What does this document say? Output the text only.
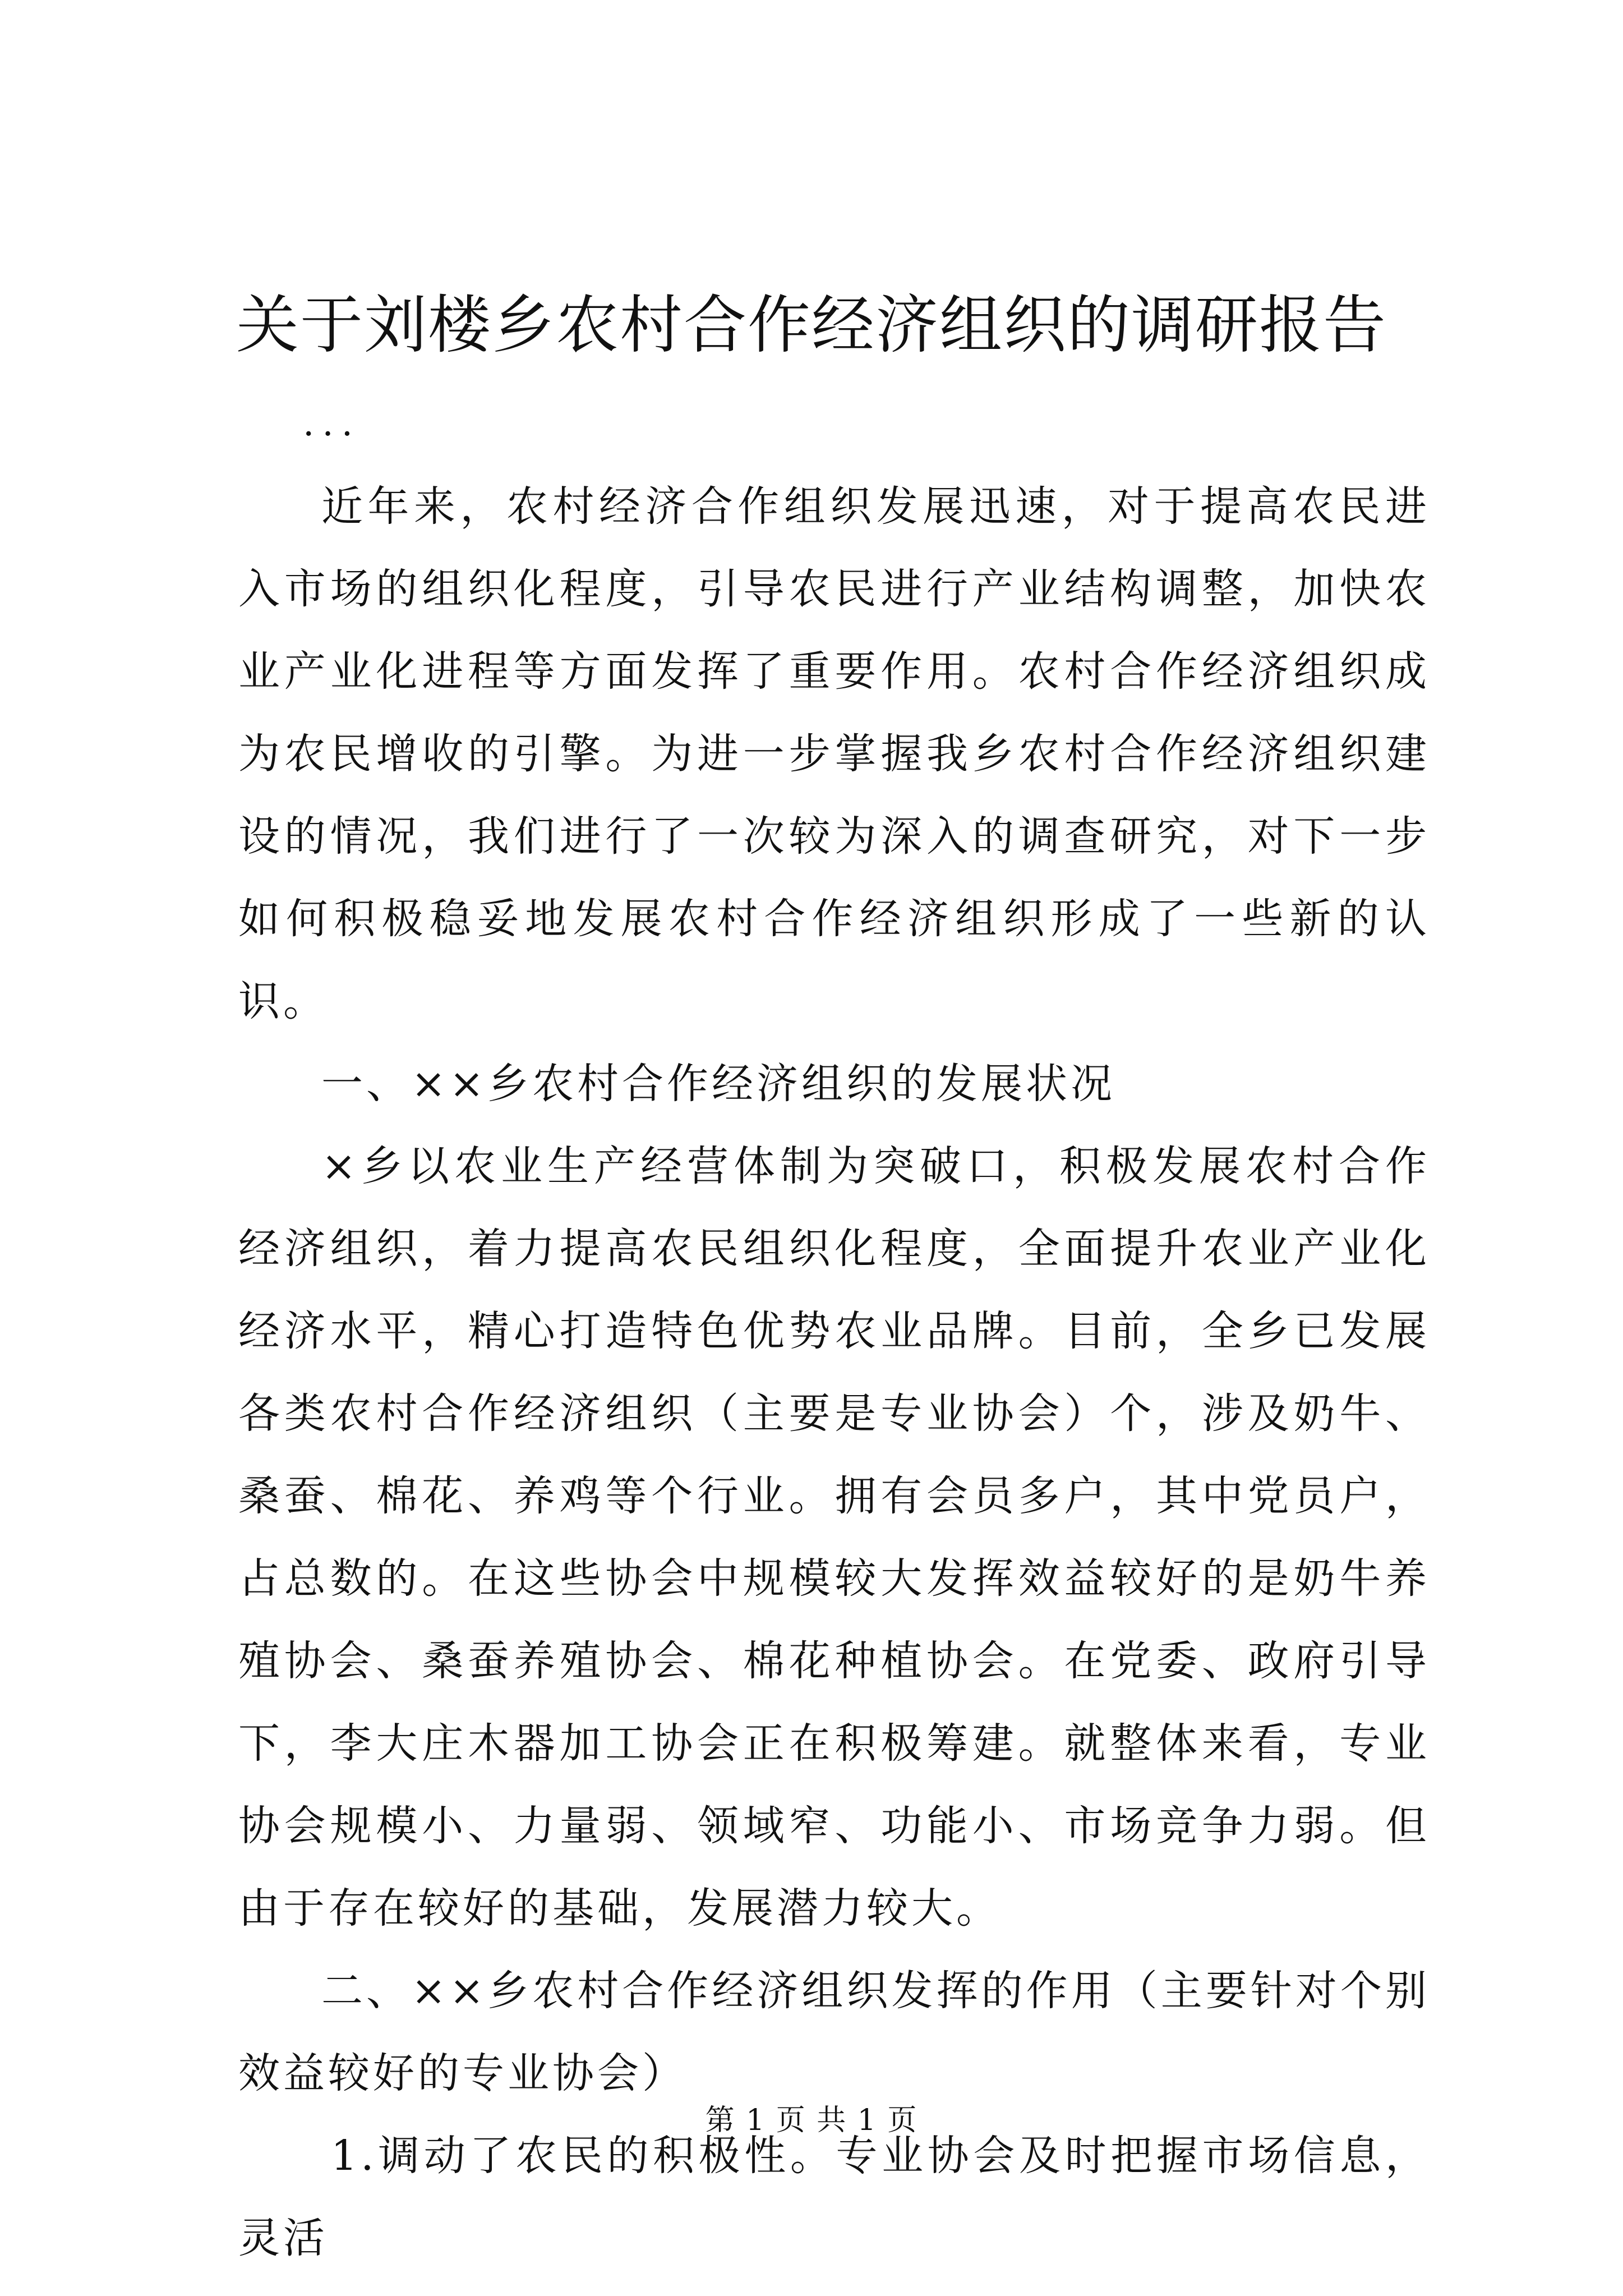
关于刘楼乡农村合作经济组织的调研报告
...

近年来，农村经济合作组织发展迅速，对于提高农民进入市场的组织化程度，引导农民进行产业结构调整，加快农业产业化进程等方面发挥了重要作用。农村合作经济组织成为农民增收的引擎。为进一步掌握我乡农村合作经济组织建设的情况，我们进行了一次较为深入的调查研究，对下一步如何积极稳妥地发展农村合作经济组织形成了一些新的认识。

一、××乡农村合作经济组织的发展状况

×乡以农业生产经营体制为突破口，积极发展农村合作经济组织，着力提高农民组织化程度，全面提升农业产业化经济水平，精心打造特色优势农业品牌。目前，全乡已发展各类农村合作经济组织（主要是专业协会）个，涉及奶牛、桑蚕、棉花、养鸡等个行业。拥有会员多户，其中党员户，占总数的。在这些协会中规模较大发挥效益较好的是奶牛养殖协会、桑蚕养殖协会、棉花种植协会。在党委、政府引导下，李大庄木器加工协会正在积极筹建。就整体来看，专业协会规模小、力量弱、领域窄、功能小、市场竞争力弱。但由于存在较好的基础，发展潜力较大。

二、××乡农村合作经济组织发挥的作用（主要针对个别效益较好的专业协会）

1.调动了农民的积极性。专业协会及时把握市场信息，灵活

第 1 页 共 1 页
